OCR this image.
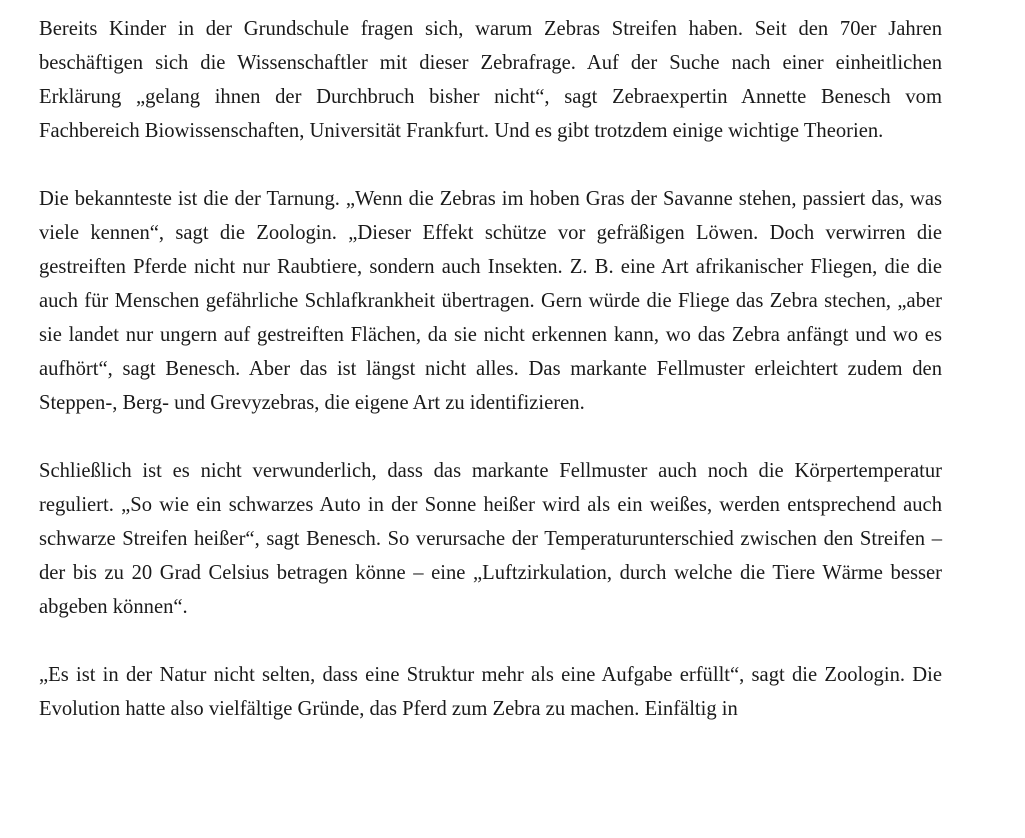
Bereits Kinder in der Grundschule fragen sich, warum Zebras Streifen haben. Seit den 70er Jahren beschäftigen sich die Wissenschaftler mit dieser Zebrafrage. Auf der Suche nach einer einheitlichen Erklärung „gelang ihnen der Durchbruch bisher nicht“, sagt Zebraexpertin Annette Benesch vom Fachbereich Biowissenschaften, Universität Frankfurt. Und es gibt trotzdem einige wichtige Theorien.

Die bekannteste ist die der Tarnung. „Wenn die Zebras im hoben Gras der Savanne stehen, passiert das, was viele kennen“, sagt die Zoologin. „Dieser Effekt schütze vor gefräßigen Löwen. Doch verwirren die gestreiften Pferde nicht nur Raubtiere, sondern auch Insekten. Z. B. eine Art afrikanischer Fliegen, die die auch für Menschen gefährliche Schlafkrankheit übertragen. Gern würde die Fliege das Zebra stechen, „aber sie landet nur ungern auf gestreiften Flächen, da sie nicht erkennen kann, wo das Zebra anfängt und wo es aufhört“, sagt Benesch. Aber das ist längst nicht alles. Das markante Fellmuster erleichtert zudem den Steppen-, Berg- und Grevyzebras, die eigene Art zu identifizieren.

Schließlich ist es nicht verwunderlich, dass das markante Fellmuster auch noch die Körpertemperatur reguliert. „So wie ein schwarzes Auto in der Sonne heißer wird als ein weißes, werden entsprechend auch schwarze Streifen heißer“, sagt Benesch. So verursache der Temperaturunterschied zwischen den Streifen – der bis zu 20 Grad Celsius betragen könne – eine „Luftzirkulation, durch welche die Tiere Wärme besser abgeben können“.

„Es ist in der Natur nicht selten, dass eine Struktur mehr als eine Aufgabe erfüllt“, sagt die Zoologin. Die Evolution hatte also vielfältige Gründe, das Pferd zum Zebra zu machen. Einfältig in
